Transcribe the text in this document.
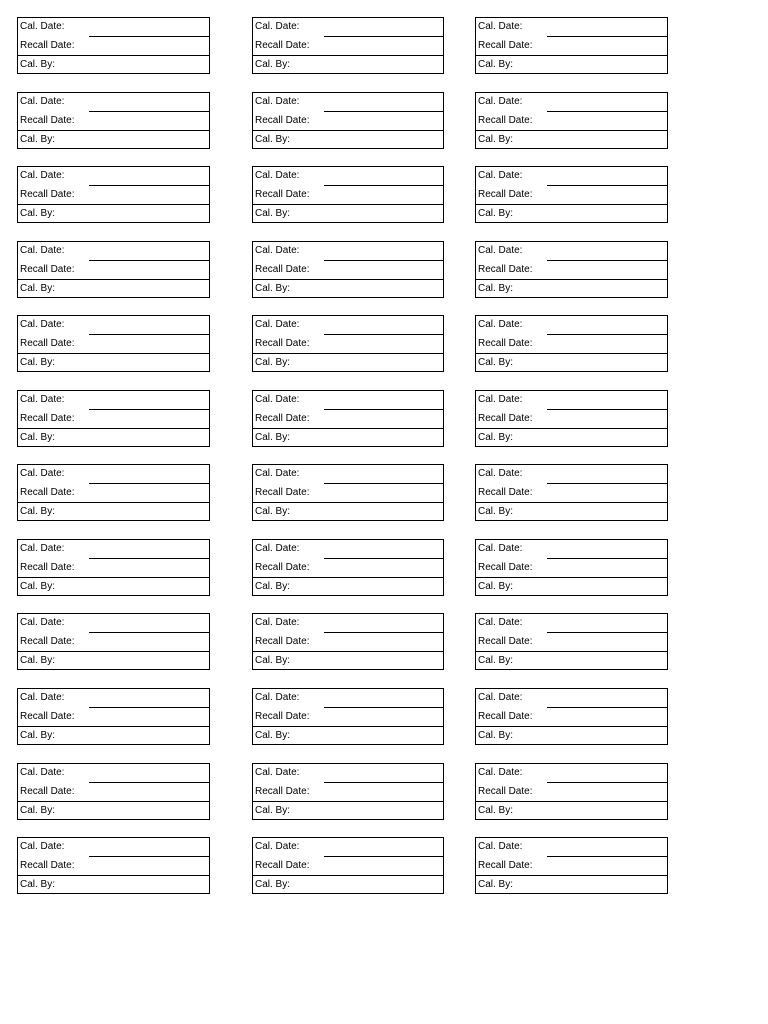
Cal. Date:
Recall Date:
Cal. By:
Cal. Date:
Recall Date:
Cal. By:
Cal. Date:
Recall Date:
Cal. By:
Cal. Date:
Recall Date:
Cal. By:
Cal. Date:
Recall Date:
Cal. By:
Cal. Date:
Recall Date:
Cal. By:
Cal. Date:
Recall Date:
Cal. By:
Cal. Date:
Recall Date:
Cal. By:
Cal. Date:
Recall Date:
Cal. By:
Cal. Date:
Recall Date:
Cal. By:
Cal. Date:
Recall Date:
Cal. By:
Cal. Date:
Recall Date:
Cal. By:
Cal. Date:
Recall Date:
Cal. By:
Cal. Date:
Recall Date:
Cal. By:
Cal. Date:
Recall Date:
Cal. By:
Cal. Date:
Recall Date:
Cal. By:
Cal. Date:
Recall Date:
Cal. By:
Cal. Date:
Recall Date:
Cal. By:
Cal. Date:
Recall Date:
Cal. By:
Cal. Date:
Recall Date:
Cal. By:
Cal. Date:
Recall Date:
Cal. By:
Cal. Date:
Recall Date:
Cal. By:
Cal. Date:
Recall Date:
Cal. By:
Cal. Date:
Recall Date:
Cal. By:
Cal. Date:
Recall Date:
Cal. By:
Cal. Date:
Recall Date:
Cal. By:
Cal. Date:
Recall Date:
Cal. By:
Cal. Date:
Recall Date:
Cal. By:
Cal. Date:
Recall Date:
Cal. By:
Cal. Date:
Recall Date:
Cal. By:
Cal. Date:
Recall Date:
Cal. By:
Cal. Date:
Recall Date:
Cal. By:
Cal. Date:
Recall Date:
Cal. By:
Cal. Date:
Recall Date:
Cal. By:
Cal. Date:
Recall Date:
Cal. By:
Cal. Date:
Recall Date:
Cal. By:
